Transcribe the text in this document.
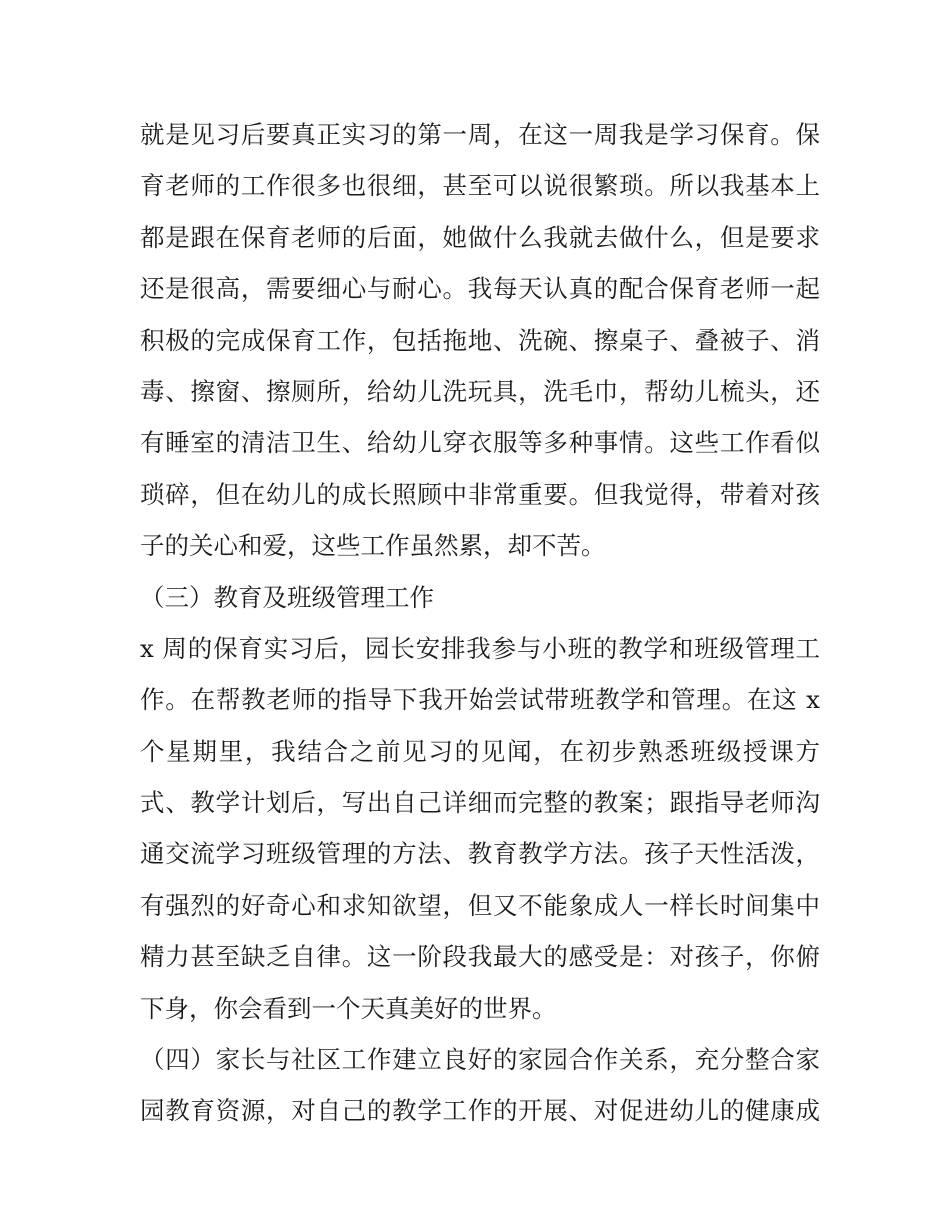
就是见习后要真正实习的第一周，在这一周我是学习保育。保
育老师的工作很多也很细，甚至可以说很繁琐。所以我基本上
都是跟在保育老师的后面，她做什么我就去做什么，但是要求
还是很高，需要细心与耐心。我每天认真的配合保育老师一起
积极的完成保育工作，包括拖地、洗碗、擦桌子、叠被子、消
毒、擦窗、擦厕所，给幼儿洗玩具，洗毛巾，帮幼儿梳头，还
有睡室的清洁卫生、给幼儿穿衣服等多种事情。这些工作看似
琐碎，但在幼儿的成长照顾中非常重要。但我觉得，带着对孩
子的关心和爱，这些工作虽然累，却不苦。
（三）教育及班级管理工作
x 周的保育实习后，园长安排我参与小班的教学和班级管理工
作。在帮教老师的指导下我开始尝试带班教学和管理。在这 x
个星期里，我结合之前见习的见闻，在初步熟悉班级授课方
式、教学计划后，写出自己详细而完整的教案；跟指导老师沟
通交流学习班级管理的方法、教育教学方法。孩子天性活泼，
有强烈的好奇心和求知欲望，但又不能象成人一样长时间集中
精力甚至缺乏自律。这一阶段我最大的感受是：对孩子，你俯
下身，你会看到一个天真美好的世界。
（四）家长与社区工作建立良好的家园合作关系，充分整合家
园教育资源，对自己的教学工作的开展、对促进幼儿的健康成
